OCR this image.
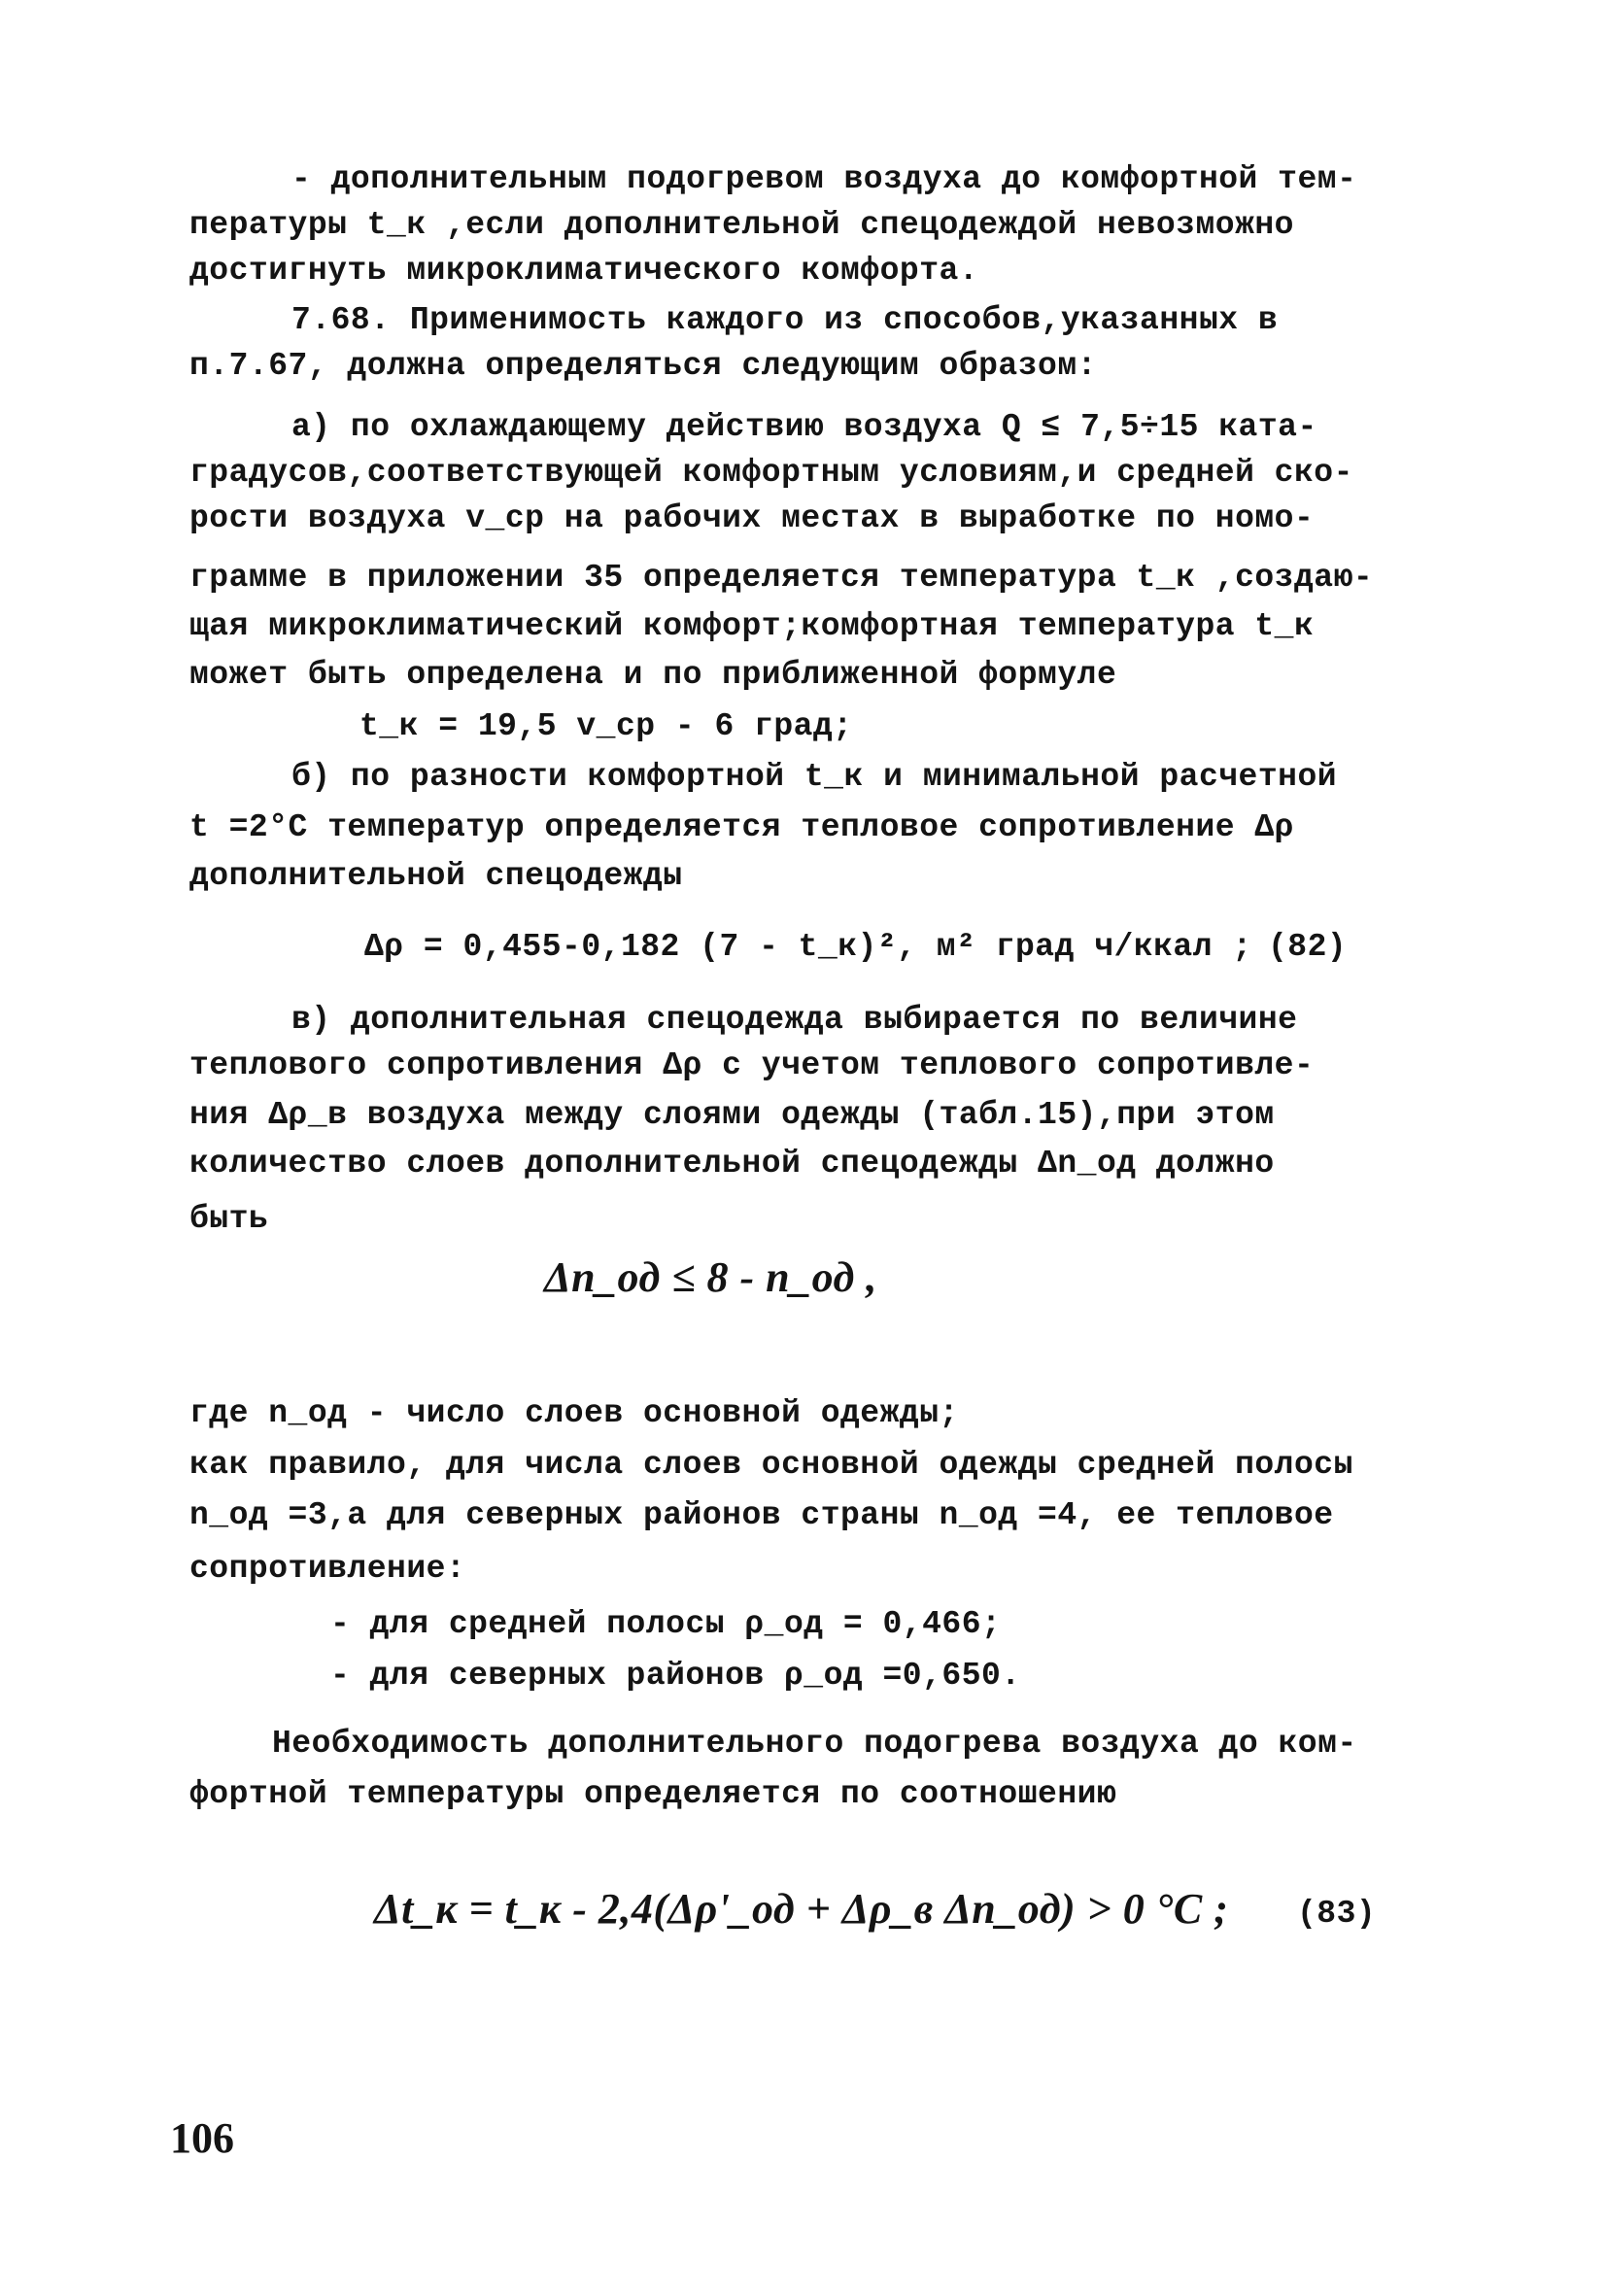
- дополнительным подогревом воздуха до комфортной тем-
пературы t_к ,если дополнительной спецодеждой невозможно
достигнуть микроклиматического комфорта.
7.68. Применимость каждого из способов,указанных в
п.7.67, должна определяться следующим образом:
а) по охлаждающему действию воздуха Q ≤ 7,5÷15 ката-
градусов,соответствующей комфортным условиям,и средней ско-
рости воздуха v_ср на рабочих местах в выработке по номо-
грамме в приложении 35 определяется температура t_к ,создаю-
щая микроклиматический комфорт;комфортная температура t_к
может быть определена и по приближенной формуле
t_к = 19,5 v_ср - 6 град;
б) по разности комфортной t_к и минимальной расчетной
t =2°C температур определяется тепловое сопротивление Δρ
дополнительной спецодежды
Δρ = 0,455-0,182 (7 - t_к)², м² град ч/ккал ; (82)
в) дополнительная спецодежда выбирается по величине
теплового сопротивления Δρ с учетом теплового сопротивле-
ния Δρ_в воздуха между слоями одежды (табл.15),при этом
количество слоев дополнительной спецодежды Δn_од должно
быть
Δn_од ≤ 8 - n_од ,
где n_од - число слоев основной одежды;
как правило, для числа слоев основной одежды средней полосы
n_од =3,а для северных районов страны n_од =4, ее тепловое
сопротивление:
- для средней полосы ρ_од = 0,466;
- для северных районов ρ_од =0,650.
Необходимость дополнительного подогрева воздуха до ком-
фортной температуры определяется по соотношению
Δt_к = t_к - 2,4(Δρ'_од + Δρ_в Δn_од) > 0 °C ; (83)
106
